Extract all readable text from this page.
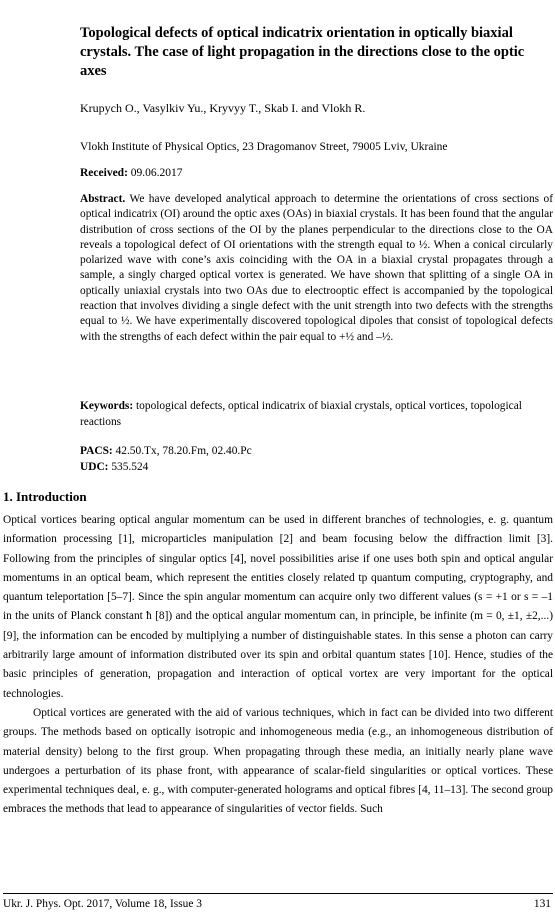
Topological defects of optical indicatrix orientation in optically biaxial crystals. The case of light propagation in the directions close to the optic axes
Krupych O., Vasylkiv Yu., Kryvyy T., Skab I. and Vlokh R.
Vlokh Institute of Physical Optics, 23 Dragomanov Street, 79005 Lviv, Ukraine
Received: 09.06.2017
Abstract. We have developed analytical approach to determine the orientations of cross sections of optical indicatrix (OI) around the optic axes (OAs) in biaxial crystals. It has been found that the angular distribution of cross sections of the OI by the planes perpendicular to the directions close to the OA reveals a topological defect of OI orientations with the strength equal to ½. When a conical circularly polarized wave with cone’s axis coinciding with the OA in a biaxial crystal propagates through a sample, a singly charged optical vortex is generated. We have shown that splitting of a single OA in optically uniaxial crystals into two OAs due to electrooptic effect is accompanied by the topological reaction that involves dividing a single defect with the unit strength into two defects with the strengths equal to ½. We have experimentally discovered topological dipoles that consist of topological defects with the strengths of each defect within the pair equal to +½ and –½.
Keywords: topological defects, optical indicatrix of biaxial crystals, optical vortices, topological reactions
PACS: 42.50.Tx, 78.20.Fm, 02.40.Pc
UDC: 535.524
1. Introduction

Optical vortices bearing optical angular momentum can be used in different branches of technologies, e. g. quantum information processing [1], microparticles manipulation [2] and beam focusing below the diffraction limit [3]. Following from the principles of singular optics [4], novel possibilities arise if one uses both spin and optical angular momentums in an optical beam, which represent the entities closely related tp quantum computing, cryptography, and quantum teleportation [5–7]. Since the spin angular momentum can acquire only two different values (s = +1 or s = –1 in the units of Planck constant ħ [8]) and the optical angular momentum can, in principle, be infinite (m = 0, ±1, ±2,...) [9], the information can be encoded by multiplying a number of distinguishable states. In this sense a photon can carry arbitrarily large amount of information distributed over its spin and orbital quantum states [10]. Hence, studies of the basic principles of generation, propagation and interaction of optical vortex are very important for the optical technologies.

Optical vortices are generated with the aid of various techniques, which in fact can be divided into two different groups. The methods based on optically isotropic and inhomogeneous media (e.g., an inhomogeneous distribution of material density) belong to the first group. When propagating through these media, an initially nearly plane wave undergoes a perturbation of its phase front, with appearance of scalar-field singularities or optical vortices. These experimental techniques deal, e. g., with computer-generated holograms and optical fibres [4, 11–13]. The second group embraces the methods that lead to appearance of singularities of vector fields. Such

Ukr. J. Phys. Opt. 2017, Volume 18, Issue 3	131
